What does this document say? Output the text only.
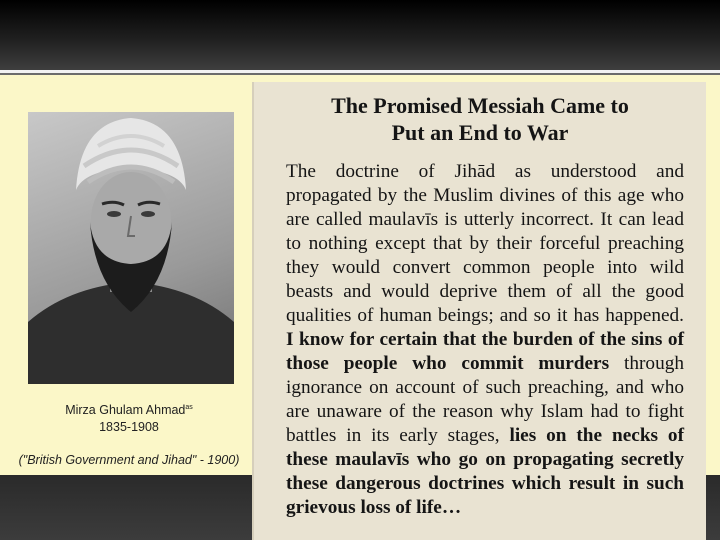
Mirza Ghulam Ahmad$^{as}$
1835-1908
("British Government and Jihad" - 1900)
The Promised Messiah Came to
Put an End to War
The doctrine of Jihād as understood and propagated by the Muslim divines of this age who are called maulavīs is utterly incorrect. It can lead to nothing except that by their forceful preaching they would convert common people into wild beasts and would deprive them of all the good qualities of human beings; and so it has happened. I know for certain that the burden of the sins of those people who commit murders through ignorance on account of such preaching, and who are unaware of the reason why Islam had to fight battles in its early stages, lies on the necks of these maulavīs who go on propagating secretly these dangerous doctrines which result in such grievous loss of life…
